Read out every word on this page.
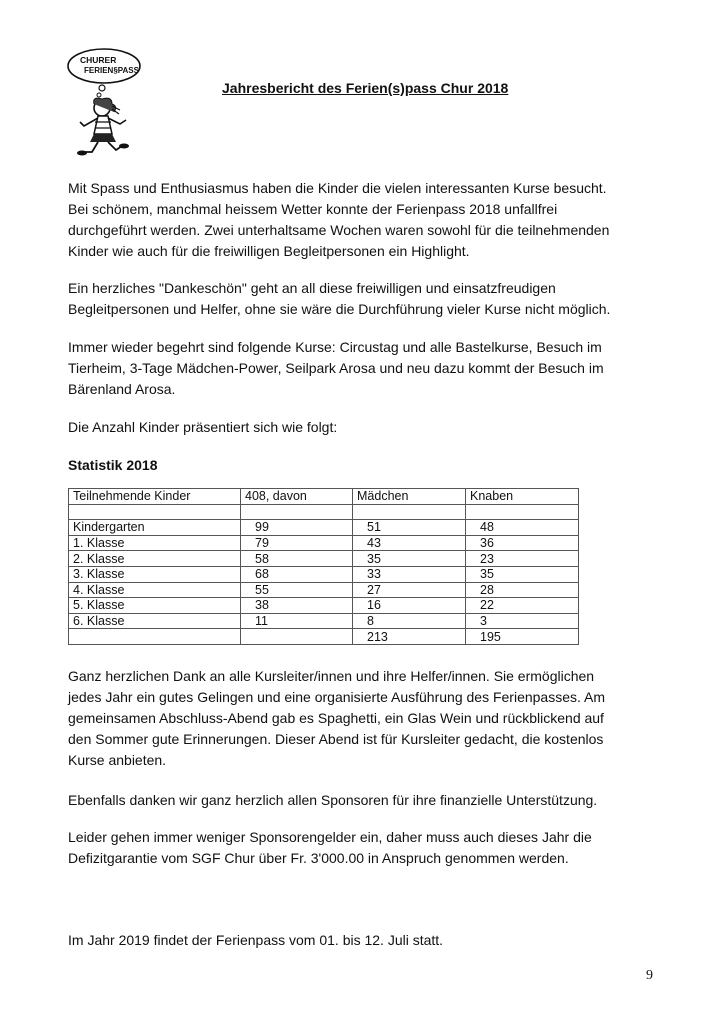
CHURER
FERIEN§PASS
Jahresbericht des Ferien(s)pass Chur 2018
Mit Spass und Enthusiasmus haben die Kinder die vielen interessanten Kurse besucht.
Bei schönem, manchmal heissem Wetter konnte der Ferienpass 2018 unfallfrei
durchgeführt werden. Zwei unterhaltsame Wochen waren sowohl für die teilnehmenden
Kinder wie auch für die freiwilligen Begleitpersonen ein Highlight.
Ein herzliches "Dankeschön" geht an all diese freiwilligen und einsatzfreudigen
Begleitpersonen und Helfer, ohne sie wäre die Durchführung vieler Kurse nicht möglich.
Immer wieder begehrt sind folgende Kurse: Circustag und alle Bastelkurse, Besuch im
Tierheim, 3-Tage Mädchen-Power, Seilpark Arosa und neu dazu kommt der Besuch im
Bärenland Arosa.
Die Anzahl Kinder präsentiert sich wie folgt:
Statistik 2018
Teilnehmende Kinder	408, davon	Mädchen	Knaben

Kindergarten	99	51	48
1. Klasse	79	43	36
2. Klasse	58	35	23
3. Klasse	68	33	35
4. Klasse	55	27	28
5. Klasse	38	16	22
6. Klasse	11	8	3
		213	195
Ganz herzlichen Dank an alle Kursleiter/innen und ihre Helfer/innen. Sie ermöglichen
jedes Jahr ein gutes Gelingen und eine organisierte Ausführung des Ferienpasses. Am
gemeinsamen Abschluss-Abend gab es Spaghetti, ein Glas Wein und rückblickend auf
den Sommer gute Erinnerungen. Dieser Abend ist für Kursleiter gedacht, die kostenlos
Kurse anbieten.
Ebenfalls danken wir ganz herzlich allen Sponsoren für ihre finanzielle Unterstützung.
Leider gehen immer weniger Sponsorengelder ein, daher muss auch dieses Jahr die
Defizitgarantie vom SGF Chur über Fr. 3'000.00 in Anspruch genommen werden.
Im Jahr 2019 findet der Ferienpass vom 01. bis 12. Juli statt.
9
